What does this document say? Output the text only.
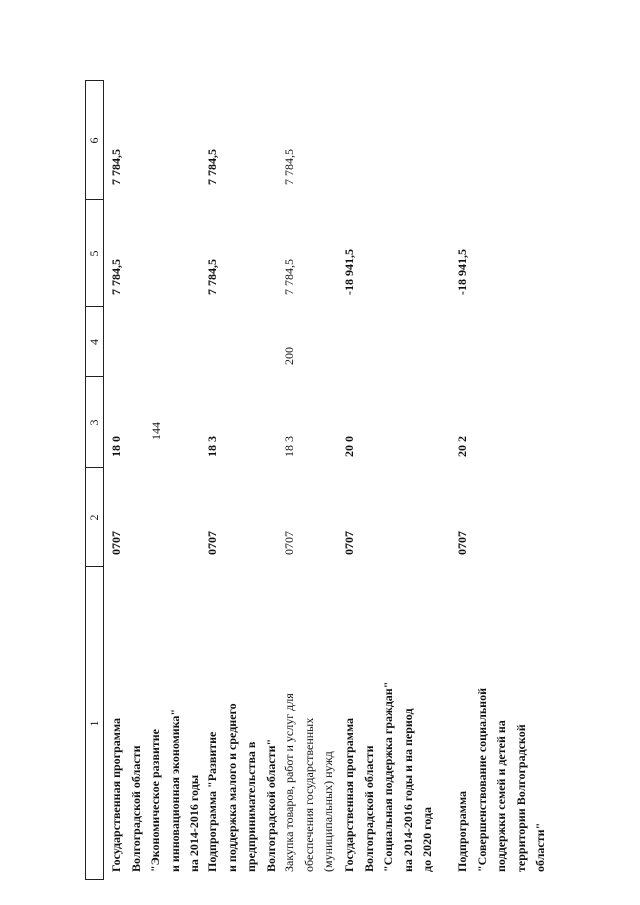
144
1
2
3
4
5
6
Государственная программа Волгоградской области "Экономическое развитие и инновационная экономика" на 2014-2016 годы
0707
18 0
7 784,5
7 784,5
Подпрограмма "Развитие и поддержка малого и среднего предпринимательства в Волгоградской области"
0707
18 3
7 784,5
7 784,5
Закупка товаров, работ и услуг для обеспечения государственных (муниципальных) нужд
0707
18 3
200
7 784,5
7 784,5
Государственная программа Волгоградской области "Социальная поддержка граждан" на 2014-2016 годы и на период до 2020 года
0707
20 0
-18 941,5
Подпрограмма "Совершенствование социальной поддержки семей и детей на территории Волгоградской области"
0707
20 2
-18 941,5
